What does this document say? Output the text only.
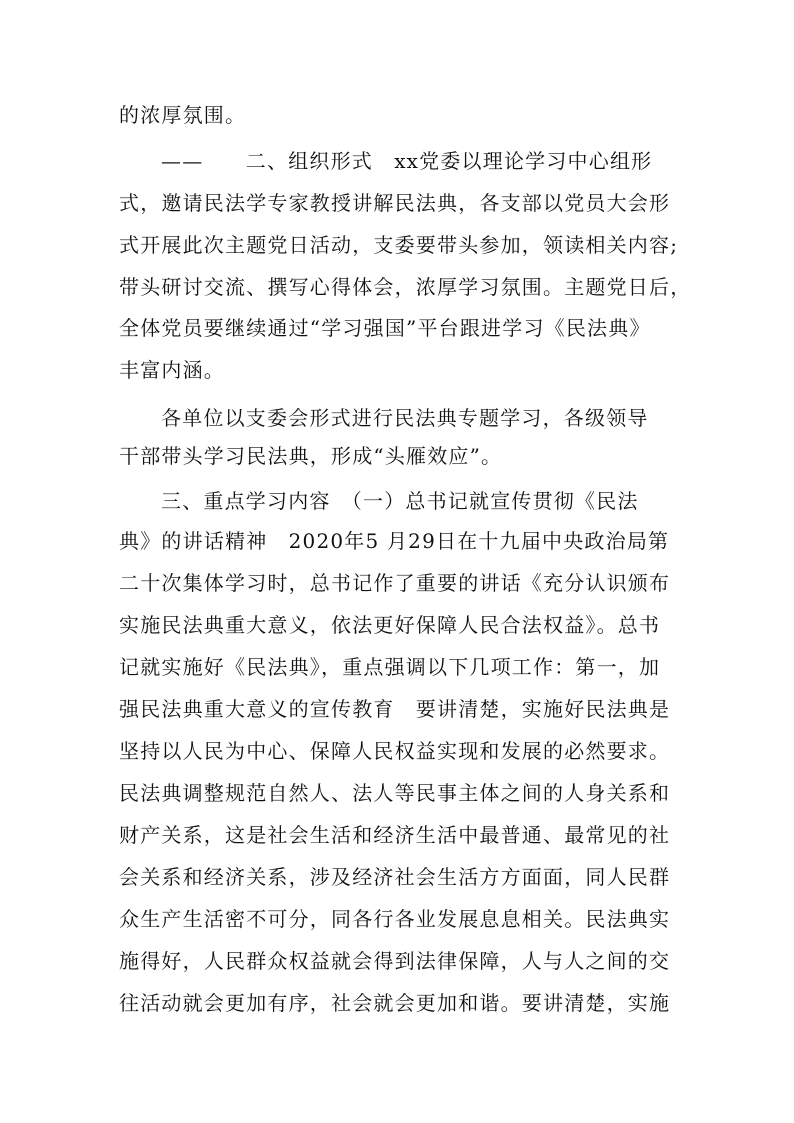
的浓厚氛围。
——　　二、组织形式　xx党委以理论学习中心组形
式，邀请民法学专家教授讲解民法典，各支部以党员大会形
式开展此次主题党日活动，支委要带头参加，领读相关内容;
带头研讨交流、撰写心得体会，浓厚学习氛围。主题党日后，
全体党员要继续通过“学习强国”平台跟进学习《民法典》
丰富内涵。
各单位以支委会形式进行民法典专题学习，各级领导
干部带头学习民法典，形成“头雁效应”。
三、重点学习内容　（一）总书记就宣传贯彻《民法
典》的讲话精神　2020年5 月29日在十九届中央政治局第
二十次集体学习时，总书记作了重要的讲话《充分认识颁布
实施民法典重大意义，依法更好保障人民合法权益》。总书
记就实施好《民法典》，重点强调以下几项工作：第一，加
强民法典重大意义的宣传教育　要讲清楚，实施好民法典是
坚持以人民为中心、保障人民权益实现和发展的必然要求。
民法典调整规范自然人、法人等民事主体之间的人身关系和
财产关系，这是社会生活和经济生活中最普通、最常见的社
会关系和经济关系，涉及经济社会生活方方面面，同人民群
众生产生活密不可分，同各行各业发展息息相关。民法典实
施得好，人民群众权益就会得到法律保障，人与人之间的交
往活动就会更加有序，社会就会更加和谐。要讲清楚，实施
